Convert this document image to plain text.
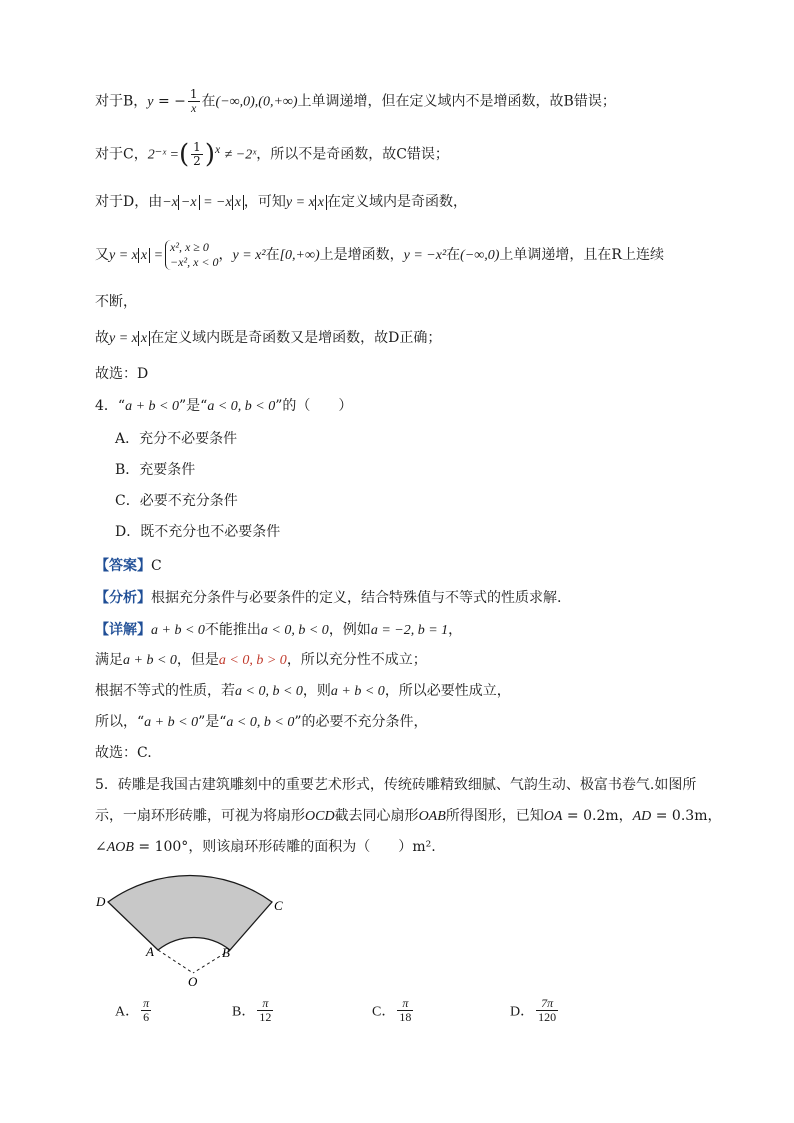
对于B，y = − $\frac{1}{x}$ 在(−∞,0),(0,+∞)上单调递增，但在定义域内不是增函数，故B错误；
对于C，2⁻ˣ =( $\frac{1}{2} )^x$ ≠ −2ˣ，所以不是奇函数，故C错误；
对于D，由−x −x = −x x ，可知y = x x 在定义域内是奇函数，
又y = x x =
x², x ≥ 0
−x², x < 0 ，y = x²在[0,+∞)上是增函数，y = −x²在(−∞,0)上单调递增，且在R上连续
不断，
故y = x x 在定义域内既是奇函数又是增函数，故D正确；
故选：D
4．“a + b < 0”是“a < 0, b < 0”的（　　）
A．充分不必要条件
B．充要条件
C．必要不充分条件
D．既不充分也不必要条件
【答案】C
【分析】根据充分条件与必要条件的定义，结合特殊值与不等式的性质求解.
【详解】a + b < 0不能推出a < 0, b < 0，例如a = −2, b = 1，
满足a + b < 0，但是a < 0, b > 0，所以充分性不成立；
根据不等式的性质，若a < 0, b < 0，则a + b < 0，所以必要性成立，
所以，“a + b < 0”是“a < 0, b < 0”的必要不充分条件，
故选：C.
5．砖雕是我国古建筑雕刻中的重要艺术形式，传统砖雕精致细腻、气韵生动、极富书卷气.如图所
示，一扇环形砖雕，可视为将扇形OCD截去同心扇形OAB所得图形，已知OA = 0.2m，AD = 0.3m，
∠AOB = 100°，则该扇环形砖雕的面积为（　　）m².
D	C
A	B
O
A． $\frac{\pi}{6}$	B． $\frac{\pi}{12}$	C． $\frac{\pi}{18}$	D． $\frac{7\pi}{120}$
